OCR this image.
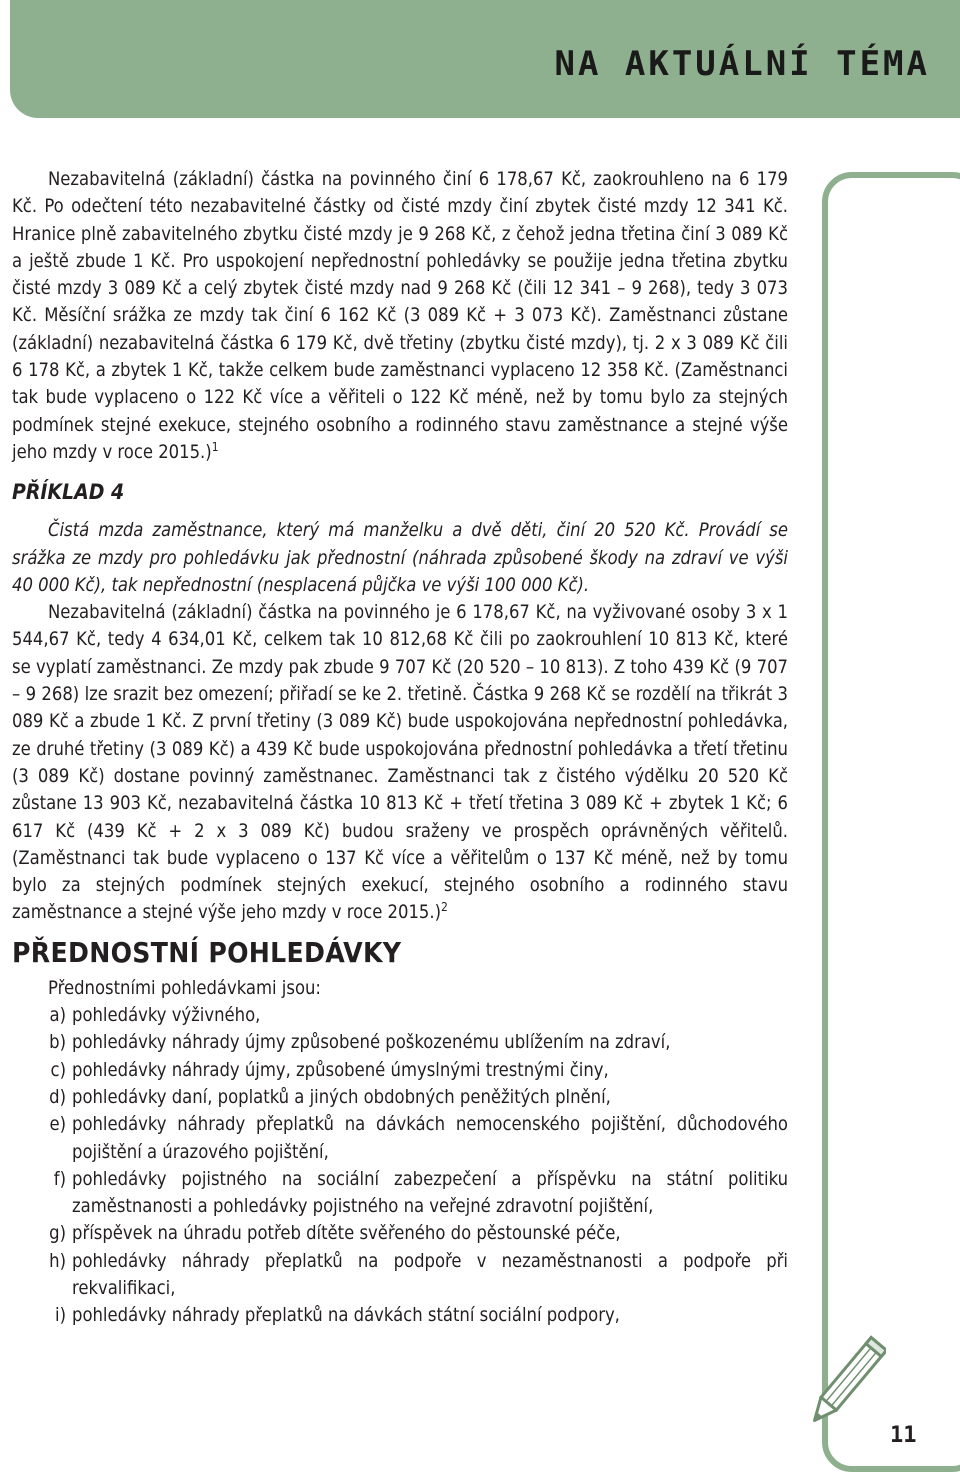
NA AKTUÁLNÍ TÉMA

Nezabavitelná (základní) částka na povinného činí 6 178,67 Kč, zaokrouhleno na 6 179 Kč. Po odečtení této nezabavitelné částky od čisté mzdy činí zbytek čisté mzdy 12 341 Kč. Hranice plně zabavitelného zbytku čisté mzdy je 9 268 Kč, z čehož jedna třetina činí 3 089 Kč a ještě zbude 1 Kč. Pro uspokojení nepřednostní pohledávky se použije jedna třetina zbytku čisté mzdy 3 089 Kč a celý zbytek čisté mzdy nad 9 268 Kč (čili 12 341 – 9 268), tedy 3 073 Kč. Měsíční srážka ze mzdy tak činí 6 162 Kč (3 089 Kč + 3 073 Kč). Zaměstnanci zůstane (základní) nezabavitelná částka 6 179 Kč, dvě třetiny (zbytku čisté mzdy), tj. 2 x 3 089 Kč čili 6 178 Kč, a zbytek 1 Kč, takže celkem bude zaměstnanci vyplaceno 12 358 Kč. (Zaměstnanci tak bude vyplaceno o 122 Kč více a věřiteli o 122 Kč méně, než by tomu bylo za stejných podmínek stejné exekuce, stejného osobního a rodinného stavu zaměstnance a stejné výše jeho mzdy v roce 2015.)$^1$

PŘÍKLAD 4

Čistá mzda zaměstnance, který má manželku a dvě děti, činí 20 520 Kč. Provádí se srážka ze mzdy pro pohledávku jak přednostní (náhrada způsobené škody na zdraví ve výši 40 000 Kč), tak nepřednostní (nesplacená půjčka ve výši 100 000 Kč).

Nezabavitelná (základní) částka na povinného je 6 178,67 Kč, na vyživované osoby 3 x 1 544,67 Kč, tedy 4 634,01 Kč, celkem tak 10 812,68 Kč čili po zaokrouhlení 10 813 Kč, které se vyplatí zaměstnanci. Ze mzdy pak zbude 9 707 Kč (20 520 – 10 813). Z toho 439 Kč (9 707 – 9 268) lze srazit bez omezení; přiřadí se ke 2. třetině. Částka 9 268 Kč se rozdělí na třikrát 3 089 Kč a zbude 1 Kč. Z první třetiny (3 089 Kč) bude uspokojována nepřednostní pohledávka, ze druhé třetiny (3 089 Kč) a 439 Kč bude uspokojována přednostní pohledávka a třetí třetinu (3 089 Kč) dostane povinný zaměstnanec. Zaměstnanci tak z čistého výdělku 20 520 Kč zůstane 13 903 Kč, nezabavitelná částka 10 813 Kč + třetí třetina 3 089 Kč + zbytek 1 Kč; 6 617 Kč (439 Kč + 2 x 3 089 Kč) budou sraženy ve prospěch oprávněných věřitelů. (Zaměstnanci tak bude vyplaceno o 137 Kč více a věřitelům o 137 Kč méně, než by tomu bylo za stejných podmínek stejných exekucí, stejného osobního a rodinného stavu zaměstnance a stejné výše jeho mzdy v roce 2015.)$^2$

PŘEDNOSTNÍ POHLEDÁVKY

Přednostními pohledávkami jsou:

a) pohledávky výživného,
b) pohledávky náhrady újmy způsobené poškozenému ublížením na zdraví,
c) pohledávky náhrady újmy, způsobené úmyslnými trestnými činy,
d) pohledávky daní, poplatků a jiných obdobných peněžitých plnění,
e) pohledávky náhrady přeplatků na dávkách nemocenského pojištění, důchodového pojištění a úrazového pojištění,
f) pohledávky pojistného na sociální zabezpečení a příspěvku na státní politiku zaměstnanosti a pohledávky pojistného na veřejné zdravotní pojištění,
g) příspěvek na úhradu potřeb dítěte svěřeného do pěstounské péče,
h) pohledávky náhrady přeplatků na podpoře v nezaměstnanosti a podpoře při rekvalifikaci,
i) pohledávky náhrady přeplatků na dávkách státní sociální podpory,
11
